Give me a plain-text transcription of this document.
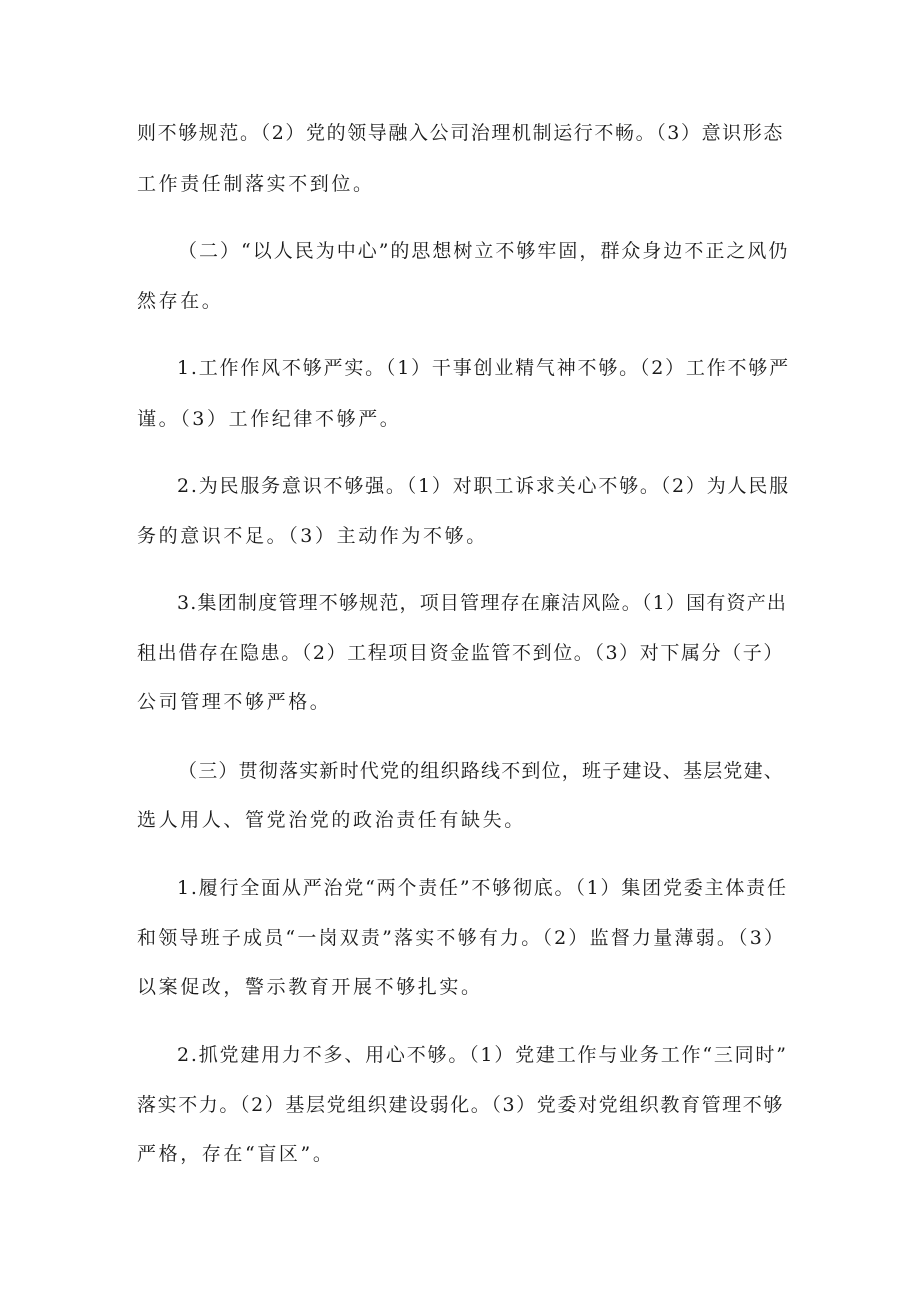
则不够规范。（2）党的领导融入公司治理机制运行不畅。（3）意识形态
工作责任制落实不到位。
（二）“以人民为中心”的思想树立不够牢固，群众身边不正之风仍
然存在。
1.工作作风不够严实。（1）干事创业精气神不够。（2）工作不够严
谨。（3）工作纪律不够严。
2.为民服务意识不够强。（1）对职工诉求关心不够。（2）为人民服
务的意识不足。（3）主动作为不够。
3.集团制度管理不够规范，项目管理存在廉洁风险。（1）国有资产出
租出借存在隐患。（2）工程项目资金监管不到位。（3）对下属分（子）
公司管理不够严格。
（三）贯彻落实新时代党的组织路线不到位，班子建设、基层党建、
选人用人、管党治党的政治责任有缺失。
1.履行全面从严治党“两个责任”不够彻底。（1）集团党委主体责任
和领导班子成员“一岗双责”落实不够有力。（2）监督力量薄弱。（3）
以案促改，警示教育开展不够扎实。
2.抓党建用力不多、用心不够。（1）党建工作与业务工作“三同时”
落实不力。（2）基层党组织建设弱化。（3）党委对党组织教育管理不够
严格，存在“盲区”。
